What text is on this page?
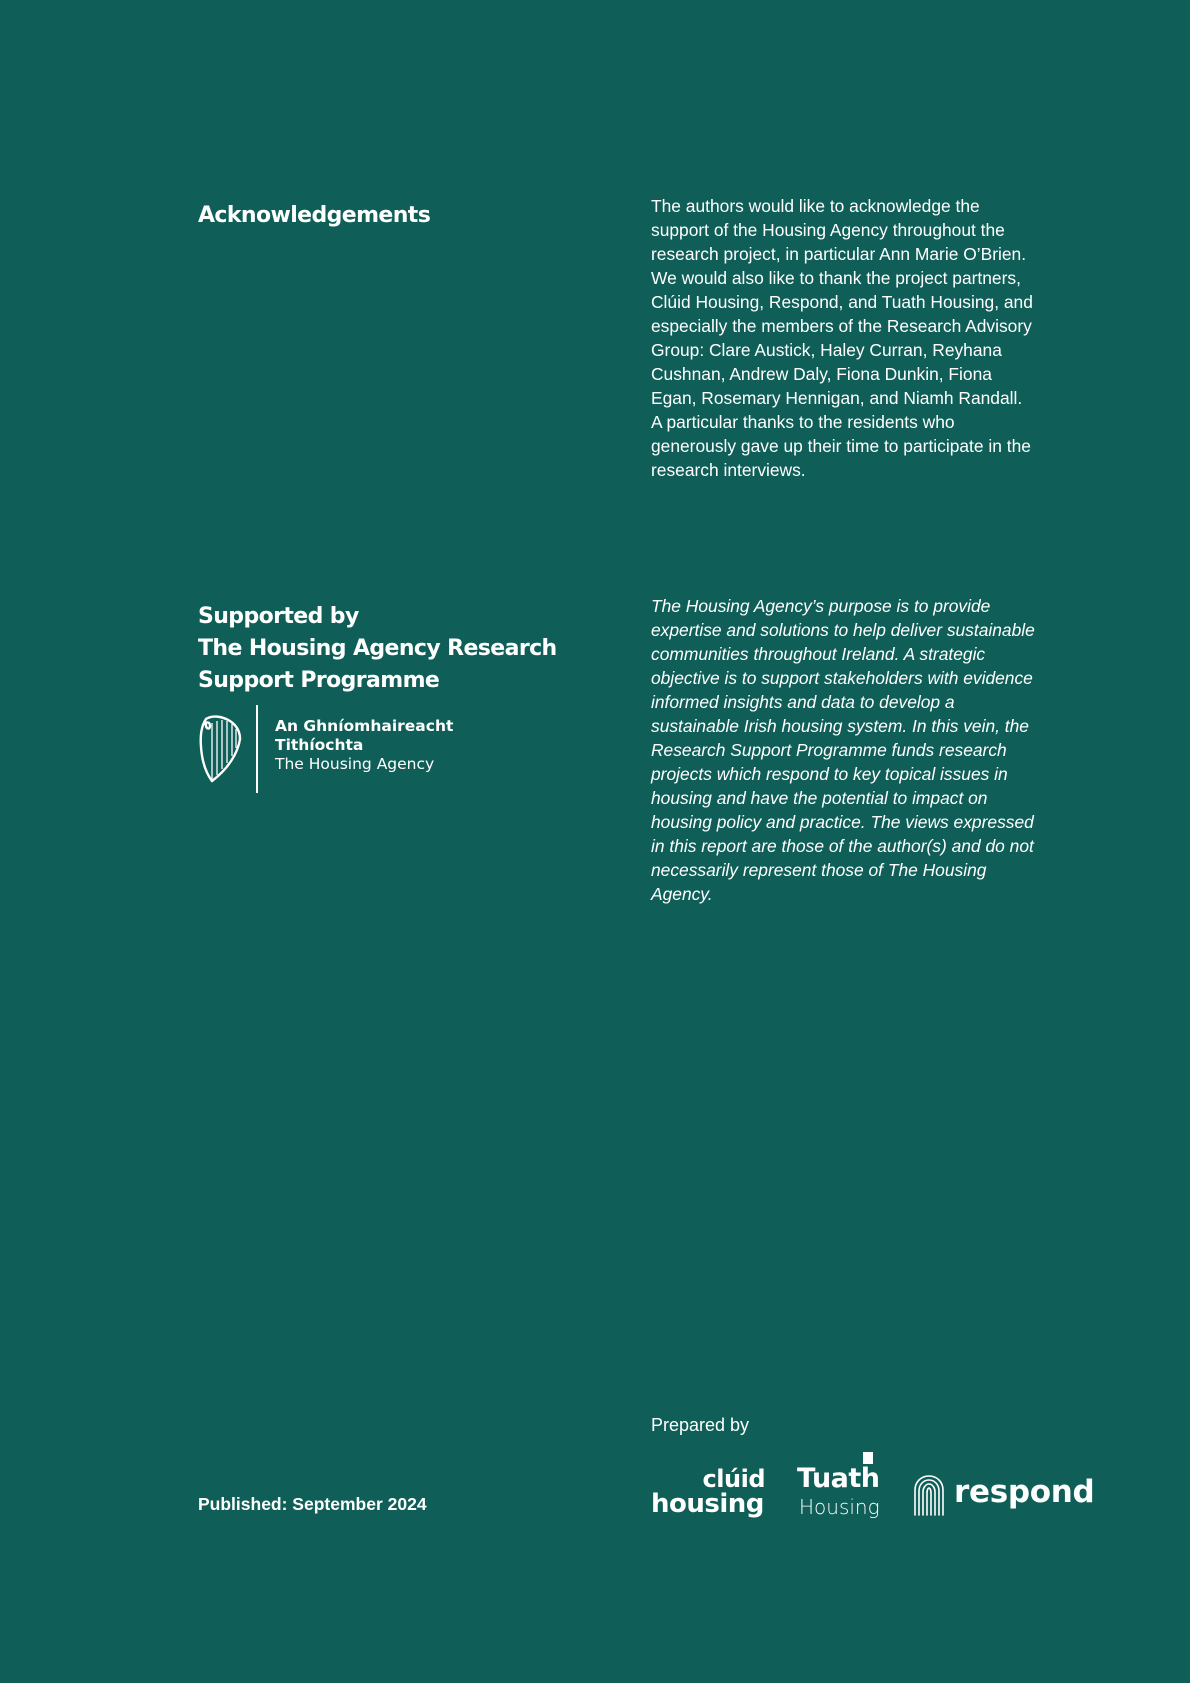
Acknowledgements	The authors would like to acknowledge the support of the Housing Agency throughout the research project, in particular Ann Marie O’Brien. We would also like to thank the project partners, Clúid Housing, Respond, and Tuath Housing, and especially the members of the Research Advisory Group: Clare Austick, Haley Curran, Reyhana Cushnan, Andrew Daly, Fiona Dunkin, Fiona Egan, Rosemary Hennigan, and Niamh Randall. A particular thanks to the residents who generously gave up their time to participate in the research interviews.

Supported by
The Housing Agency Research
Support Programme

The Housing Agency’s purpose is to provide expertise and solutions to help deliver sustainable communities throughout Ireland. A strategic objective is to support stakeholders with evidence informed insights and data to develop a sustainable Irish housing system. In this vein, the Research Support Programme funds research projects which respond to key topical issues in housing and have the potential to impact on housing policy and practice. The views expressed in this report are those of the author(s) and do not necessarily represent those of The Housing Agency.

An Ghníomhaireacht
Tithíochta
The Housing Agency
Published: September 2024
Prepared by
clúid
housing
Tuath
Housing respond
